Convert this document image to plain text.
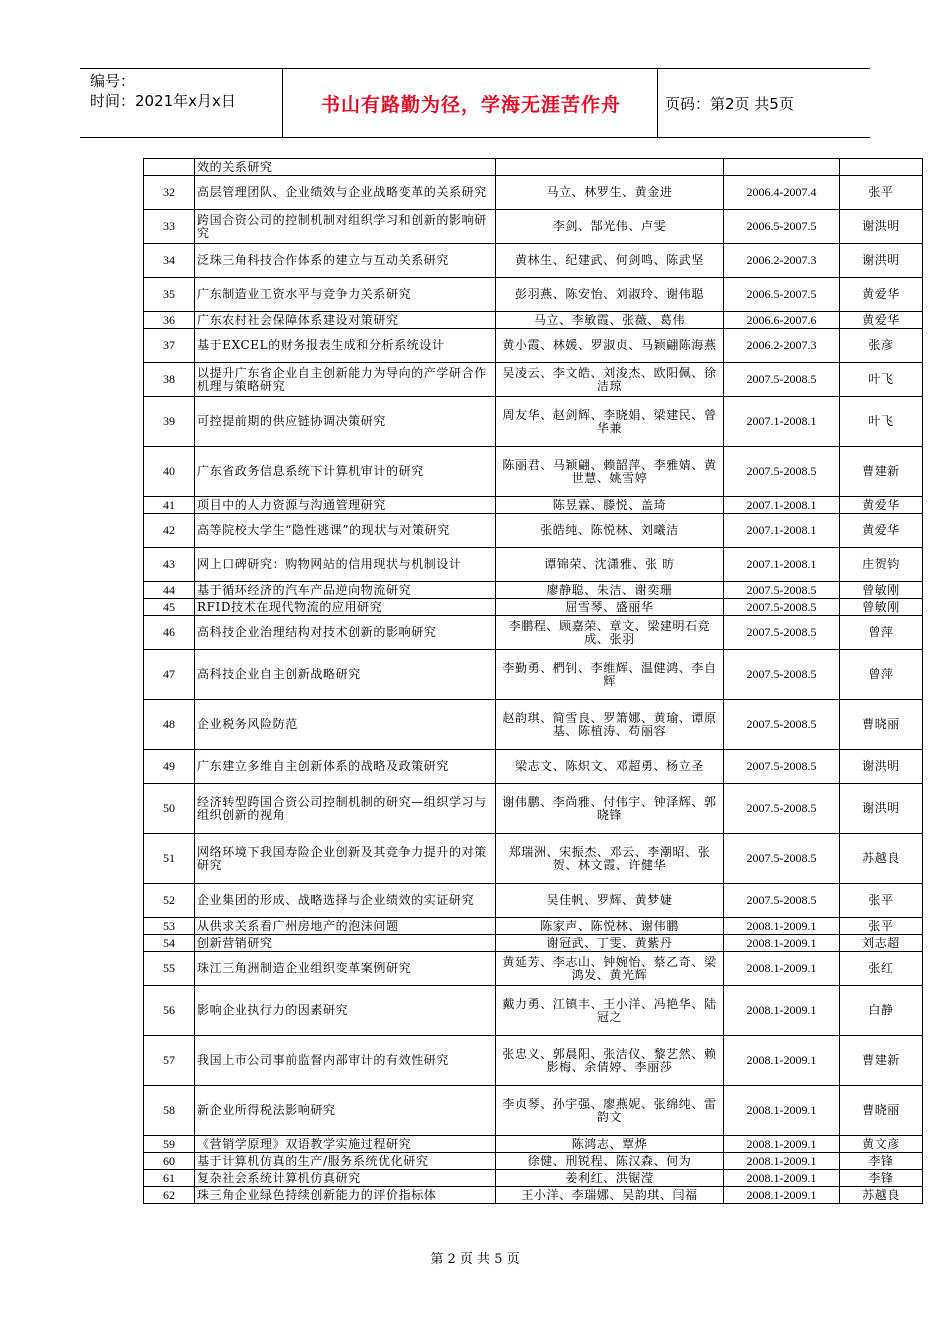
编号：
时间：2021年x月x日	书山有路勤为径，学海无涯苦作舟	页码：第2页 共5页
	效的关系研究			
32	高层管理团队、企业绩效与企业战略变革的关系研究	马立、林罗生、黄金进	2006.4-2007.4	张平
33	跨国合资公司的控制机制对组织学习和创新的影响研究	李剑、郜光伟、卢雯	2006.5-2007.5	谢洪明
34	泛珠三角科技合作体系的建立与互动关系研究	黄林生、纪建武、何剑鸣、陈武坚	2006.2-2007.3	谢洪明
35	广东制造业工资水平与竞争力关系研究	彭羽燕、陈安怡、刘淑玲、谢伟聪	2006.5-2007.5	黄爱华
36	广东农村社会保障体系建设对策研究	马立、李敏霞、张薇、葛伟	2006.6-2007.6	黄爱华
37	基于EXCEL的财务报表生成和分析系统设计	黄小霞、林媛、罗淑贞、马颖翩陈海燕	2006.2-2007.3	张彦
38	以提升广东省企业自主创新能力为导向的产学研合作机理与策略研究	吴凌云、李文皓、刘浚杰、欧阳佩、徐洁琼	2007.5-2008.5	叶飞
39	可控提前期的供应链协调决策研究	周友华、赵剑辉、李晓娟、梁建民、曾华兼	2007.1-2008.1	叶飞
40	广东省政务信息系统下计算机审计的研究	陈丽君、马颖翩、赖韶萍、李雅婧、黄世慧、姚雪婷	2007.5-2008.5	曹建新
41	项目中的人力资源与沟通管理研究	陈昱霖、滕悦、盖琦	2007.1-2008.1	黄爱华
42	高等院校大学生“隐性逃课”的现状与对策研究	张皓纯、陈悦林、刘曦洁	2007.1-2008.1	黄爱华
43	网上口碑研究：购物网站的信用现状与机制设计	谭锦荣、沈潇雅、张 昉	2007.1-2008.1	庄贺钧
44	基于循环经济的汽车产品逆向物流研究	廖静聪、朱洁、谢奕珊	2007.5-2008.5	曾敏刚
45	RFID技术在现代物流的应用研究	屈雪琴、盛丽华	2007.5-2008.5	曾敏刚
46	高科技企业治理结构对技术创新的影响研究	李鹏程、顾嘉荣、章文、梁建明石竞成、张羽	2007.5-2008.5	曾萍
47	高科技企业自主创新战略研究	李勤勇、椚钊、李维辉、温健鸿、李自辉	2007.5-2008.5	曾萍
48	企业税务风险防范	赵韵琪、简雪良、罗箫娜、黄瑜、谭原基、陈植涛、苟丽容	2007.5-2008.5	曹晓丽
49	广东建立多维自主创新体系的战略及政策研究	梁志文、陈炽文、邓超勇、杨立圣	2007.5-2008.5	谢洪明
50	经济转型跨国合资公司控制机制的研究—组织学习与组织创新的视角	谢伟鹏、李尚雅、付伟宇、钟泽辉、郭晓锋	2007.5-2008.5	谢洪明
51	网络环境下我国寿险企业创新及其竞争力提升的对策研究	郑瑞洲、宋振杰、邓云、李潮昭、张贺、林文霞、许健华	2007.5-2008.5	苏越良
52	企业集团的形成、战略选择与企业绩效的实证研究	吴佳帆、罗辉、黄梦婕	2007.5-2008.5	张平
53	从供求关系看广州房地产的泡沫问题	陈家声、陈悦林、谢伟鹏	2008.1-2009.1	张平
54	创新营销研究	谢冠武、丁雯、黄紫丹	2008.1-2009.1	刘志超
55	珠江三角洲制造企业组织变革案例研究	黄延芳、李志山、钟婉怡、蔡乙奇、梁鸿发、黄光辉	2008.1-2009.1	张红
56	影响企业执行力的因素研究	戴力勇、江镇丰、王小洋、冯艳华、陆冠之	2008.1-2009.1	白静
57	我国上市公司事前监督内部审计的有效性研究	张忠义、郭晨阳、张洁仪、黎艺然、赖影梅、余倩婷、李丽莎	2008.1-2009.1	曹建新
58	新企业所得税法影响研究	李贞琴、孙宇强、廖燕妮、张绵纯、雷韵文	2008.1-2009.1	曹晓丽
59	《营销学原理》双语教学实施过程研究	陈鸿志、覃烨	2008.1-2009.1	黄文彦
60	基于计算机仿真的生产/服务系统优化研究	徐健、刑锐程、陈汉森、何为	2008.1-2009.1	李锋
61	复杂社会系统计算机仿真研究	姜利红、洪锯滢	2008.1-2009.1	李锋
62	珠三角企业绿色持续创新能力的评价指标体	王小洋、李瑞娜、吴韵琪、闫福	2008.1-2009.1	苏越良
第 2 页 共 5 页
